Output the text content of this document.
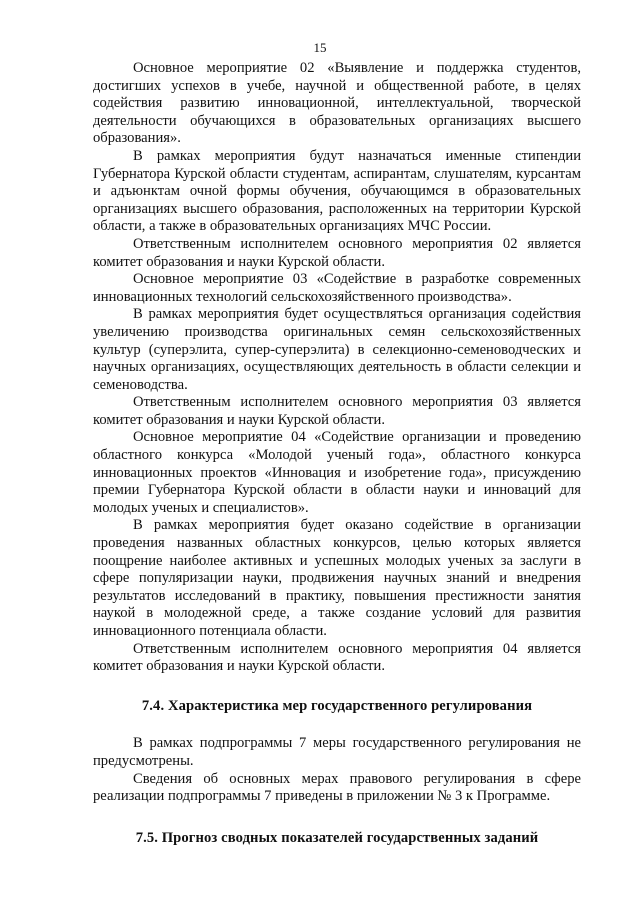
15

Основное мероприятие 02 «Выявление и поддержка студентов, достигших успехов в учебе, научной и общественной работе, в целях содействия развитию инновационной, интеллектуальной, творческой деятельности обучающихся в образовательных организациях высшего образования».

В рамках мероприятия будут назначаться именные стипендии Губернатора Курской области студентам, аспирантам, слушателям, курсантам и адъюнктам очной формы обучения, обучающимся в образовательных организациях высшего образования, расположенных на территории Курской области, а также в образовательных организациях МЧС России.

Ответственным исполнителем основного мероприятия 02 является комитет образования и науки Курской области.

Основное мероприятие 03 «Содействие в разработке современных инновационных технологий сельскохозяйственного производства».

В рамках мероприятия будет осуществляться организация содействия увеличению производства оригинальных семян сельскохозяйственных культур (суперэлита, супер-суперэлита) в селекционно-семеноводческих и научных организациях, осуществляющих деятельность в области селекции и семеноводства.

Ответственным исполнителем основного мероприятия 03 является комитет образования и науки Курской области.

Основное мероприятие 04 «Содействие организации и проведению областного конкурса «Молодой ученый года», областного конкурса инновационных проектов «Инновация и изобретение года», присуждению премии Губернатора Курской области в области науки и инноваций для молодых ученых и специалистов».

В рамках мероприятия будет оказано содействие в организации проведения названных областных конкурсов, целью которых является поощрение наиболее активных и успешных молодых ученых за заслуги в сфере популяризации науки, продвижения научных знаний и внедрения результатов исследований в практику, повышения престижности занятия наукой в молодежной среде, а также создание условий для развития инновационного потенциала области.

Ответственным исполнителем основного мероприятия 04 является комитет образования и науки Курской области.

7.4. Характеристика мер государственного регулирования

В рамках подпрограммы 7 меры государственного регулирования не предусмотрены.

Сведения об основных мерах правового регулирования в сфере реализации подпрограммы 7 приведены в приложении № 3 к Программе.

7.5. Прогноз сводных показателей государственных заданий
